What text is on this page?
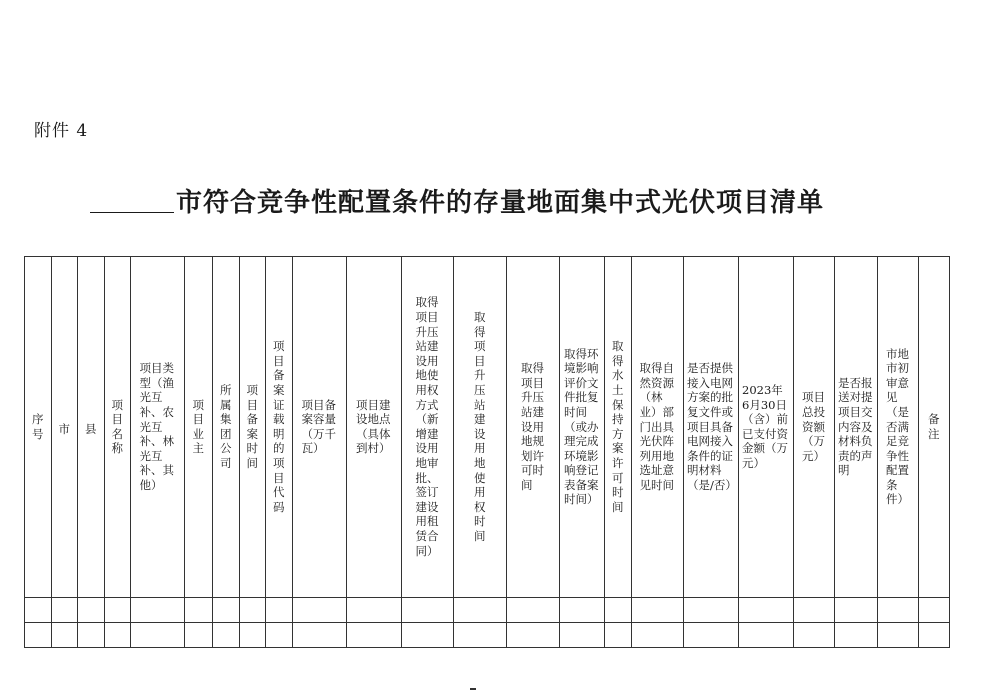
附件 4
市符合竞争性配置条件的存量地面集中式光伏项目清单
序号	市	县	项目名称	项目类型（渔光互补、农光互补、林光互补、其他）	项目业主	所属集团公司	项目备案时间	项目备案证载明的项目代码	项目备案容量（万千瓦）	项目建设地点（具体到村）	取得项目升压站建设用地使用权方式（新增建设用地审批、签订建设用租赁合同）	取得项目升压站建设用地使用权时间	取得项目升压站建设用地规划许可时间	取得环境影响评价文件批复时间（或办理完成环境影响登记表备案时间）	取得水土保持方案许可时间	取得自然资源（林业）部门出具光伏阵列用地选址意见时间	是否提供接入电网方案的批复文件或项目具备电网接入条件的证明材料（是/否）	2023年6月30日（含）前已支付资金额（万元）	项目总投资额（万元）	是否报送对提项目交内容及材料负责的声明	市地市初审意见（是否满足竞争性配置条件）	备注
